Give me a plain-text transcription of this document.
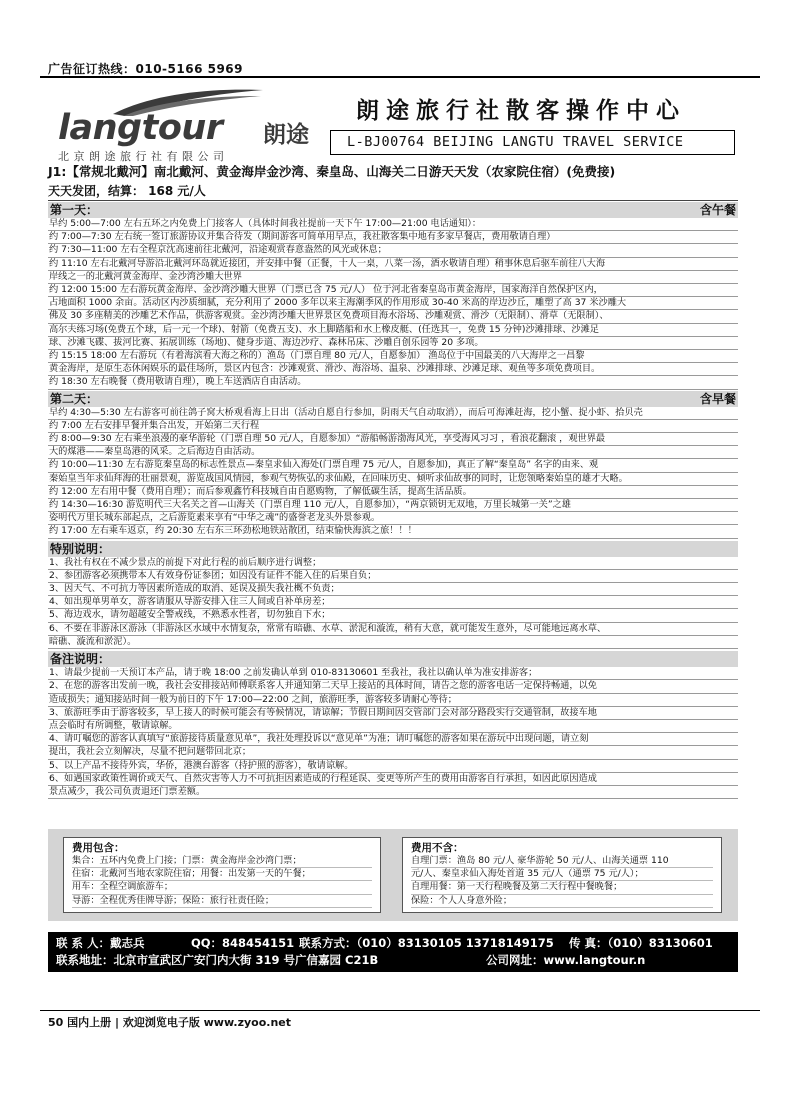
广告征订热线：010-5166 5969
langtour 朗途
北京朗途旅行社有限公司
朗途旅行社散客操作中心
L-BJ00764 BEIJING LANGTU TRAVEL SERVICE
J1:【常规北戴河】南北戴河、黄金海岸金沙湾、秦皇岛、山海关二日游天天发（农家院住宿）(免费接)
天天发团，结算： 168 元/人
第一天：	含午餐
早约 5:00—7:00 左右五环之内免费上门接客人（具体时间我社提前一天下午 17:00—21:00 电话通知）：
约 7:00—7:30 左右统一签订旅游协议并集合待发（期间游客可简单用早点，我社散客集中地有多家早餐店，费用敬请自理）
约 7:30—11:00 左右全程京沈高速前往北戴河，沿途观赏春意盎然的风光或休息；
约 11:10 左右北戴河导游沿北戴河环岛就近接团，并安排中餐（正餐，十人一桌，八菜一汤，酒水敬请自理）稍事休息后驱车前往八大海
岸线之一的北戴河黄金海岸、金沙湾沙雕大世界
约 12:00 15:00 左右游玩黄金海岸、金沙湾沙雕大世界（门票已含 75 元/人） 位于河北省秦皇岛市黄金海岸，国家海洋自然保护区内，
占地面积 1000 余亩。活动区内沙质细腻，充分利用了 2000 多年以来主海潮季风的作用形成 30-40 米高的岸边沙丘，雕塑了高 37 米沙雕大
佛及 30 多座精美的沙雕艺术作品，供游客观赏。金沙湾沙雕大世界景区免费项目海水浴场、沙雕观赏、滑沙（无限制）、滑草（无限制）、
高尔夫练习场(免费五个球，后一元一个球)、射箭（免费五支)、水上脚踏船和水上橡皮艇、(任选其一，免费 15 分钟)沙滩排球、沙滩足
球、沙滩飞碟、拔河比赛、拓展训练（场地)、健身步道、海边沙疗、森林吊床、沙雕自创乐园等 20 多项。
约 15:15 18:00 左右游玩（有着海滨看大海之称的）渔岛（门票自理 80 元/人，自愿参加） 渔岛位于中国最美的八大海岸之一昌黎
黄金海岸，是原生态休闲娱乐的最佳场所，景区内包含：沙滩观赏、滑沙、海浴场、温泉、沙滩排球、沙滩足球、观鱼等多项免费项目。
约 18:30 左右晚餐（费用敬请自理），晚上车送酒店自由活动。
第二天：	含早餐
早约 4:30—5:30 左右游客可前往鸽子窝大桥观看海上日出（活动自愿自行参加，阴雨天气自动取消），而后可海滩赶海，挖小蟹、捉小虾、拾贝壳
约 7:00 左右安排早餐并集合出发，开始第二天行程
约 8:00—9:30 左右乘坐浪漫的豪华游轮（门票自理 50 元/人，自愿参加）“游船畅游渤海风光，享受海风习习 ，看浪花翻滚 ，观世界最
大的煤港——秦皇岛港的风采。之后海边自由活动。
约 10:00—11:30 左右游览秦皇岛的标志性景点—秦皇求仙入海处(门票自理 75 元/人，自愿参加)，真正了解“秦皇岛” 名字的由来、观
秦始皇当年求仙拜海的壮丽景观，游览战国风情园，参观气势恢弘的求仙殿，在回味历史、倾听求仙故事的同时，让您领略秦始皇的雄才大略。
约 12:00 左右用中餐（费用自理）；而后参观鑫竹科技城自由自愿购物，了解低碳生活，提高生活品质。
约 14:30—16:30 游览明代三大名关之首—山海关（门票自理 110 元/人，自愿参加），“两京锁钥无双地，万里长城第一关”之雄
姿明代万里长城东部起点，之后游览素来享有“中华之魂”的盛誉老龙头外景参观。
约 17:00 左右乘车返京，约 20:30 左右东三环劲松地铁站散团，结束愉快海滨之旅！！！
特别说明：
1、我社有权在不减少景点的前提下对此行程的前后顺序进行调整；
2、参团游客必须携带本人有效身份证参团；如因没有证件不能入住的后果自负；
3、因天气、不可抗力等因素所造成的取消、延误及损失我社概不负责；
4、如出现单男单女，游客请服从导游安排入住三人间或自补单房差；
5、海边戏水，请勿超越安全警戒线，不熟悉水性者，切勿独自下水；
6、不要在非游泳区游泳（非游泳区水域中水情复杂，常常有暗礁、水草、淤泥和漩流，稍有大意，就可能发生意外，尽可能地远离水草、
暗礁、漩流和淤泥）。
备注说明：
1、请最少提前一天预订本产品，请于晚 18:00 之前发确认单到 010-83130601 至我社，我社以确认单为准安排游客；
2、在您的游客出发前一晚，我社会安排接站师傅联系客人并通知第二天早上接站的具体时间，请告之您的游客电话一定保持畅通，以免
造成损失；通知接站时间一般为前日的下午 17:00—22:00 之间，旅游旺季，游客较多请耐心等待；
3、旅游旺季由于游客较多，早上接人的时候可能会有等候情况，请谅解；节假日期间因交管部门会对部分路段实行交通管制，故接车地
点会临时有所调整，敬请谅解。
4、请叮嘱您的游客认真填写“旅游接待质量意见单”，我社处理投诉以“意见单”为准；请叮嘱您的游客如果在游玩中出现问题，请立刻
提出，我社会立刻解决，尽量不把问题带回北京；
5、以上产品不接待外宾，华侨，港澳台游客（持护照的游客），敬请谅解。
6、如遇国家政策性调价或天气、自然灾害等人力不可抗拒因素造成的行程延误、变更等所产生的费用由游客自行承担，如因此原因造成
景点减少，我公司负责退还门票差额。
费用包含：
集合：五环内免费上门接；门票：黄金海岸金沙湾门票；
住宿：北戴河当地农家院住宿；用餐：出发第一天的午餐；
用车：全程空调旅游车；
导游：全程优秀佳牌导游；保险：旅行社责任险；
费用不含：
自理门票：渔岛 80 元/人 豪华游轮 50 元/人、山海关通票 110
元/人、秦皇求仙入海处首道 35 元/人（通票 75 元/人）；
自理用餐：第一天行程晚餐及第二天行程中餐晚餐；
保险：个人人身意外险；
联 系 人：戴志兵	QQ：848454151 联系方式：（010）83130105 13718149175	传 真：（010）83130601
联系地址：北京市宣武区广安门内大街 319 号广信嘉园 C21B	公司网址：www.langtour.n
50 国内上册 | 欢迎浏览电子版 www.zyoo.net
